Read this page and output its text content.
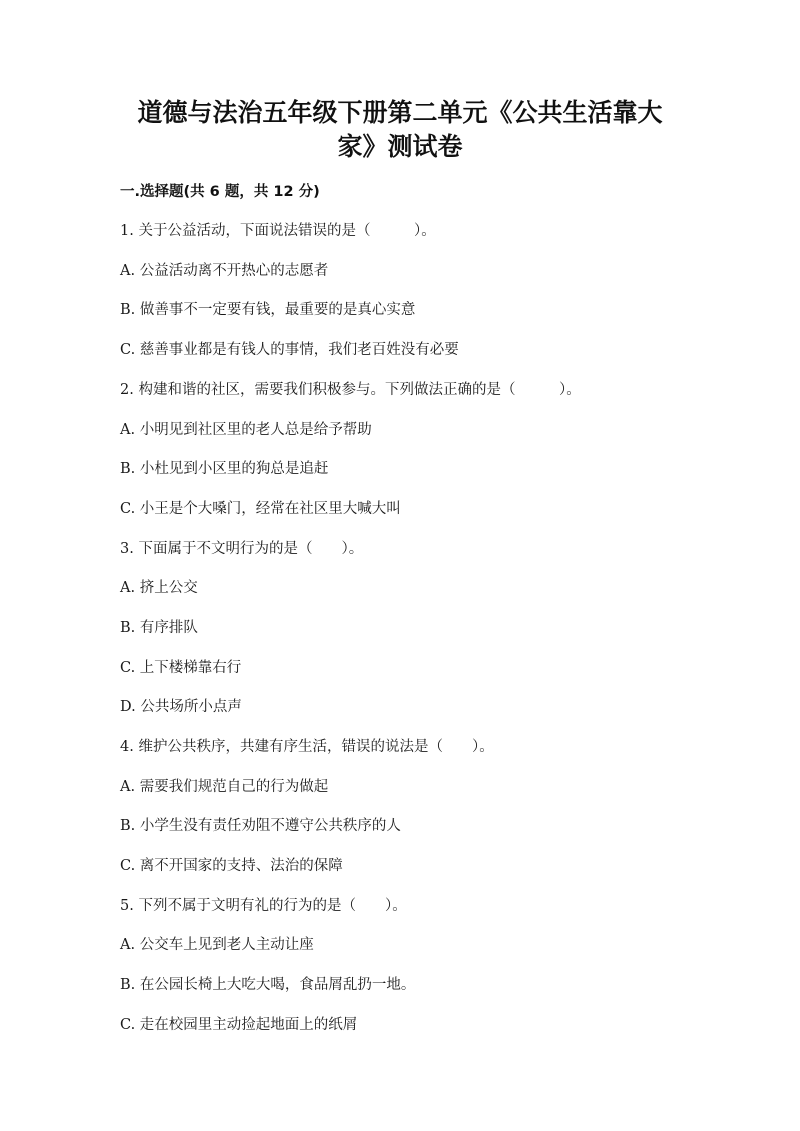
道德与法治五年级下册第二单元《公共生活靠大
家》测试卷
一.选择题(共 6 题，共 12 分)
1. 关于公益活动，下面说法错误的是（　　　）。
A. 公益活动离不开热心的志愿者
B. 做善事不一定要有钱，最重要的是真心实意
C. 慈善事业都是有钱人的事情，我们老百姓没有必要
2. 构建和谐的社区，需要我们积极参与。下列做法正确的是（　　　）。
A. 小明见到社区里的老人总是给予帮助
B. 小杜见到小区里的狗总是追赶
C. 小王是个大嗓门，经常在社区里大喊大叫
3. 下面属于不文明行为的是（　　）。
A. 挤上公交
B. 有序排队
C. 上下楼梯靠右行
D. 公共场所小点声
4. 维护公共秩序，共建有序生活，错误的说法是（　　）。
A. 需要我们规范自己的行为做起
B. 小学生没有责任劝阻不遵守公共秩序的人
C. 离不开国家的支持、法治的保障
5. 下列不属于文明有礼的行为的是（　　）。
A. 公交车上见到老人主动让座
B. 在公园长椅上大吃大喝，食品屑乱扔一地。
C. 走在校园里主动捡起地面上的纸屑
